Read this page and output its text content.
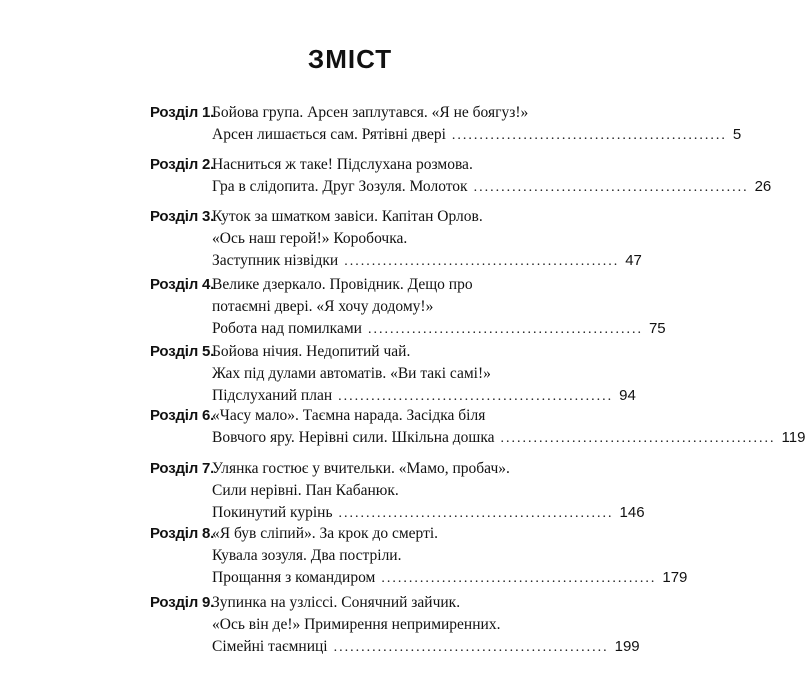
ЗМІСТ
Розділ 1.
Бойова група. Арсен заплутався. «Я не боягуз!»
Арсен лишається сам. Рятівні двері .................................................. 5
Розділ 2.
Насниться ж таке! Підслухана розмова.
Гра в слідопита. Друг Зозуля. Молоток .................................................. 26
Розділ 3.
Куток за шматком завіси. Капітан Орлов.
«Ось наш герой!» Коробочка.
Заступник нізвідки .................................................. 47
Розділ 4.
Велике дзеркало. Провідник. Дещо про
потаємні двері. «Я хочу додому!»
Робота над помилками .................................................. 75
Розділ 5.
Бойова нічия. Недопитий чай.
Жах під дулами автоматів. «Ви такі самі!»
Підслуханий план .................................................. 94
Розділ 6.
«Часу мало». Таємна нарада. Засідка біля
Вовчого яру. Нерівні сили. Шкільна дошка .................................................. 119
Розділ 7.
Улянка гостює у вчительки. «Мамо, пробач».
Сили нерівні. Пан Кабанюк.
Покинутий курінь .................................................. 146
Розділ 8.
«Я був сліпий». За крок до смерті.
Кувала зозуля. Два постріли.
Прощання з командиром .................................................. 179
Розділ 9.
Зупинка на узліссі. Сонячний зайчик.
«Ось він де!» Примирення непримиренних.
Сімейні таємниці .................................................. 199
